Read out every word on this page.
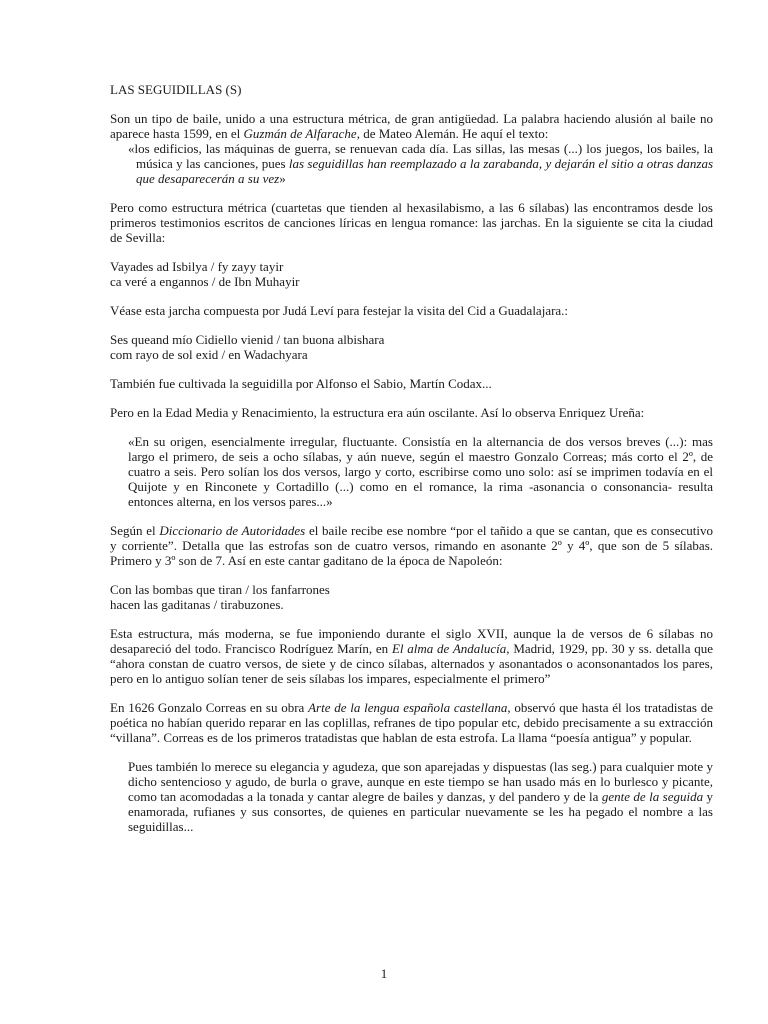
LAS SEGUIDILLAS (S)

Son un tipo de baile, unido a una estructura métrica, de gran antigüedad. La palabra haciendo alusión al baile no aparece hasta 1599, en el Guzmán de Alfarache, de Mateo Alemán. He aquí el texto:

«los edificios, las máquinas de guerra, se renuevan cada día. Las sillas, las mesas (...) los juegos, los bailes, la música y las canciones, pues las seguidillas han reemplazado a la zarabanda, y dejarán el sitio a otras danzas que desaparecerán a su vez»

Pero como estructura métrica (cuartetas que tienden al hexasilabismo, a las 6 sílabas) las encontramos desde los primeros testimonios escritos de canciones líricas en lengua romance: las jarchas. En la siguiente se cita la ciudad de Sevilla:

Vayades ad Isbilya / fy zayy tayir
ca veré a engannos / de Ibn Muhayir

Véase esta jarcha compuesta por Judá Leví para festejar la visita del Cid a Guadalajara.:

Ses queand mío Cidiello vienid / tan buona albishara
com rayo de sol exid / en Wadachyara

También fue cultivada la seguidilla por Alfonso el Sabio, Martín Codax...

Pero en la Edad Media y Renacimiento, la estructura era aún oscilante. Así lo observa Enriquez Ureña:

«En su origen, esencialmente irregular, fluctuante. Consistía en la alternancia de dos versos breves (...): mas largo el primero, de seis a ocho sílabas, y aún nueve, según el maestro Gonzalo Correas; más corto el 2º, de cuatro a seis. Pero solían los dos versos, largo y corto, escribirse como uno solo: así se imprimen todavía en el Quijote y en Rinconete y Cortadillo (...) como en el romance, la rima -asonancia o consonancia- resulta entonces alterna, en los versos pares...»

Según el Diccionario de Autoridades el baile recibe ese nombre “por el tañido a que se cantan, que es consecutivo y corriente”. Detalla que las estrofas son de cuatro versos, rimando en asonante 2º y 4º, que son de 5 sílabas. Primero y 3º son de 7. Así en este cantar gaditano de la época de Napoleón:

Con las bombas que tiran / los fanfarrones
hacen las gaditanas / tirabuzones.

Esta estructura, más moderna, se fue imponiendo durante el siglo XVII, aunque la de versos de 6 sílabas no desapareció del todo. Francisco Rodríguez Marín, en El alma de Andalucía, Madrid, 1929, pp. 30 y ss. detalla que “ahora constan de cuatro versos, de siete y de cinco sílabas, alternados y asonantados o aconsonantados los pares, pero en lo antiguo solían tener de seis sílabas los impares, especialmente el primero”

En 1626 Gonzalo Correas en su obra Arte de la lengua española castellana, observó que hasta él los tratadistas de poética no habían querido reparar en las coplillas, refranes de tipo popular etc, debido precisamente a su extracción “villana”. Correas es de los primeros tratadistas que hablan de esta estrofa. La llama “poesía antigua” y popular.

Pues también lo merece su elegancia y agudeza, que son aparejadas y dispuestas (las seg.) para cualquier mote y dicho sentencioso y agudo, de burla o grave, aunque en este tiempo se han usado más en lo burlesco y picante, como tan acomodadas a la tonada y cantar alegre de bailes y danzas, y del pandero y de la gente de la seguida y enamorada, rufianes y sus consortes, de quienes en particular nuevamente se les ha pegado el nombre a las seguidillas...

1
